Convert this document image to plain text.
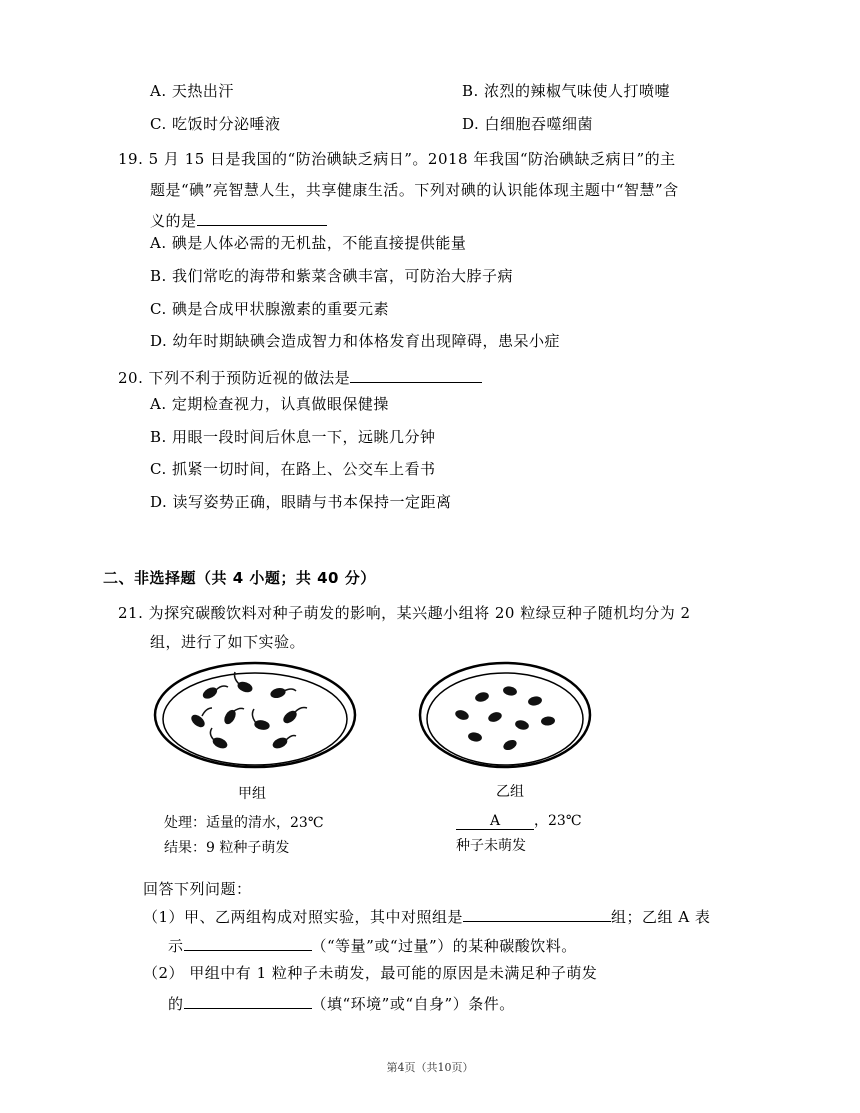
A. 天热出汗	B. 浓烈的辣椒气味使人打喷嚏
C. 吃饭时分泌唾液	D. 白细胞吞噬细菌
19. 5 月 15 日是我国的“防治碘缺乏病日”。2018 年我国“防治碘缺乏病日”的主
题是“碘”亮智慧人生，共享健康生活。下列对碘的认识能体现主题中“智慧”含
义的是
A. 碘是人体必需的无机盐，不能直接提供能量
B. 我们常吃的海带和紫菜含碘丰富，可防治大脖子病
C. 碘是合成甲状腺激素的重要元素
D. 幼年时期缺碘会造成智力和体格发育出现障碍，患呆小症
20. 下列不利于预防近视的做法是
A. 定期检查视力，认真做眼保健操
B. 用眼一段时间后休息一下，远眺几分钟
C. 抓紧一切时间，在路上、公交车上看书
D. 读写姿势正确，眼睛与书本保持一定距离
二、非选择题（共 4 小题；共 40 分）
21. 为探究碳酸饮料对种子萌发的影响，某兴趣小组将 20 粒绿豆种子随机均分为 2
组，进行了如下实验。
甲组
处理：适量的清水，23℃
结果：9 粒种子萌发
乙组
A ，23℃
种子未萌发
回答下列问题：
（1）甲、乙两组构成对照实验，其中对照组是	组；乙组 A 表
示	（“等量”或“过量”）的某种碳酸饮料。
（2） 甲组中有 1 粒种子未萌发，最可能的原因是未满足种子萌发
的	（填“环境”或“自身”）条件。
第4页（共10页）
